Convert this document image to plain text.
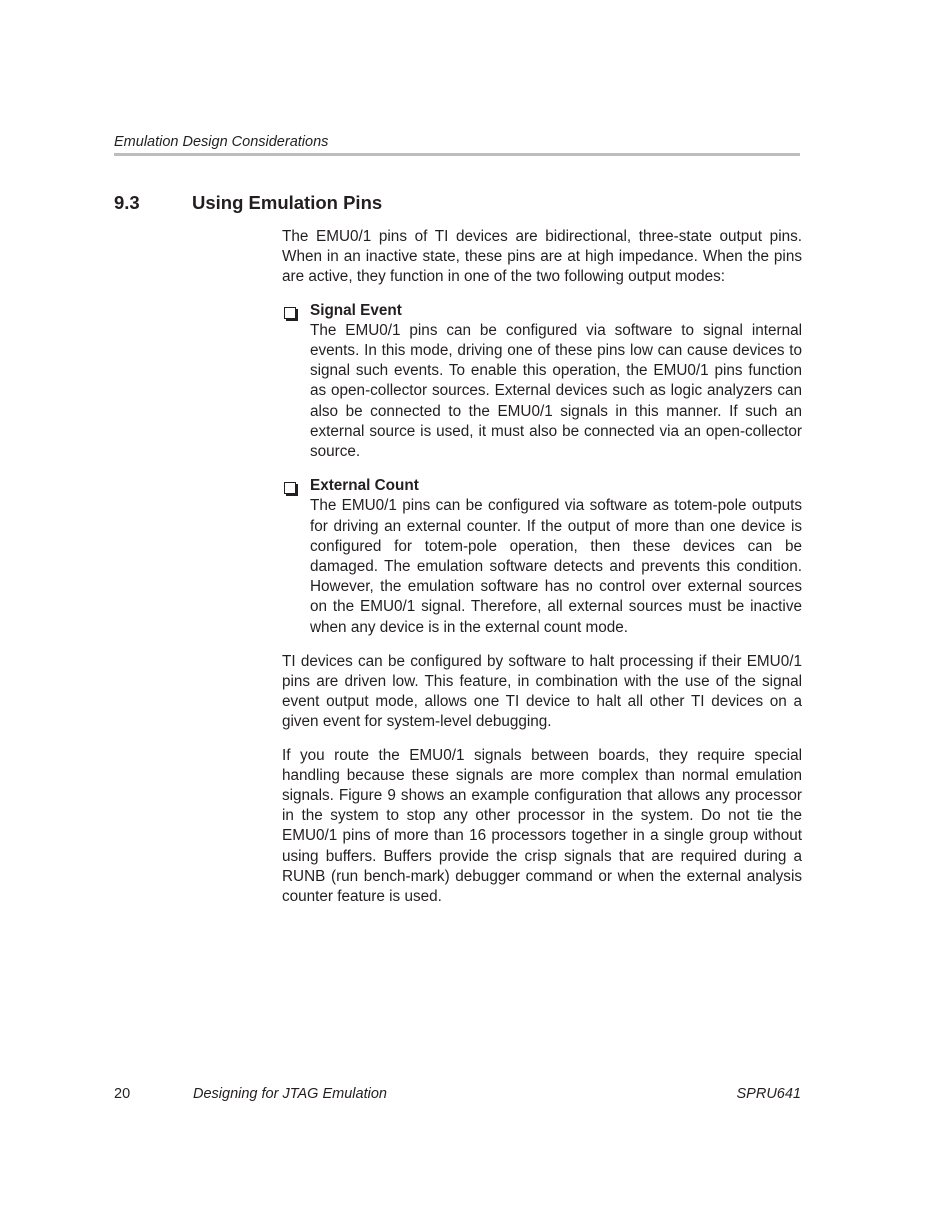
Emulation Design Considerations
9.3	Using Emulation Pins

The EMU0/1 pins of TI devices are bidirectional, three-state output pins. When in an inactive state, these pins are at high impedance. When the pins are active, they function in one of the two following output modes:

Signal Event
The EMU0/1 pins can be configured via software to signal internal events. In this mode, driving one of these pins low can cause devices to signal such events. To enable this operation, the EMU0/1 pins function as open-collector sources. External devices such as logic analyzers can also be connected to the EMU0/1 signals in this manner. If such an external source is used, it must also be connected via an open-collector source.
External Count
The EMU0/1 pins can be configured via software as totem-pole outputs for driving an external counter. If the output of more than one device is configured for totem-pole operation, then these devices can be damaged. The emulation software detects and prevents this condition. However, the emulation software has no control over external sources on the EMU0/1 signal. Therefore, all external sources must be inactive when any device is in the external count mode.

TI devices can be configured by software to halt processing if their EMU0/1 pins are driven low. This feature, in combination with the use of the signal event output mode, allows one TI device to halt all other TI devices on a given event for system-level debugging.

If you route the EMU0/1 signals between boards, they require special handling because these signals are more complex than normal emulation signals. Figure 9 shows an example configuration that allows any processor in the system to stop any other processor in the system. Do not tie the EMU0/1 pins of more than 16 processors together in a single group without using buffers. Buffers provide the crisp signals that are required during a RUNB (run bench-mark) debugger command or when the external analysis counter feature is used.

20	Designing for JTAG Emulation	SPRU641
